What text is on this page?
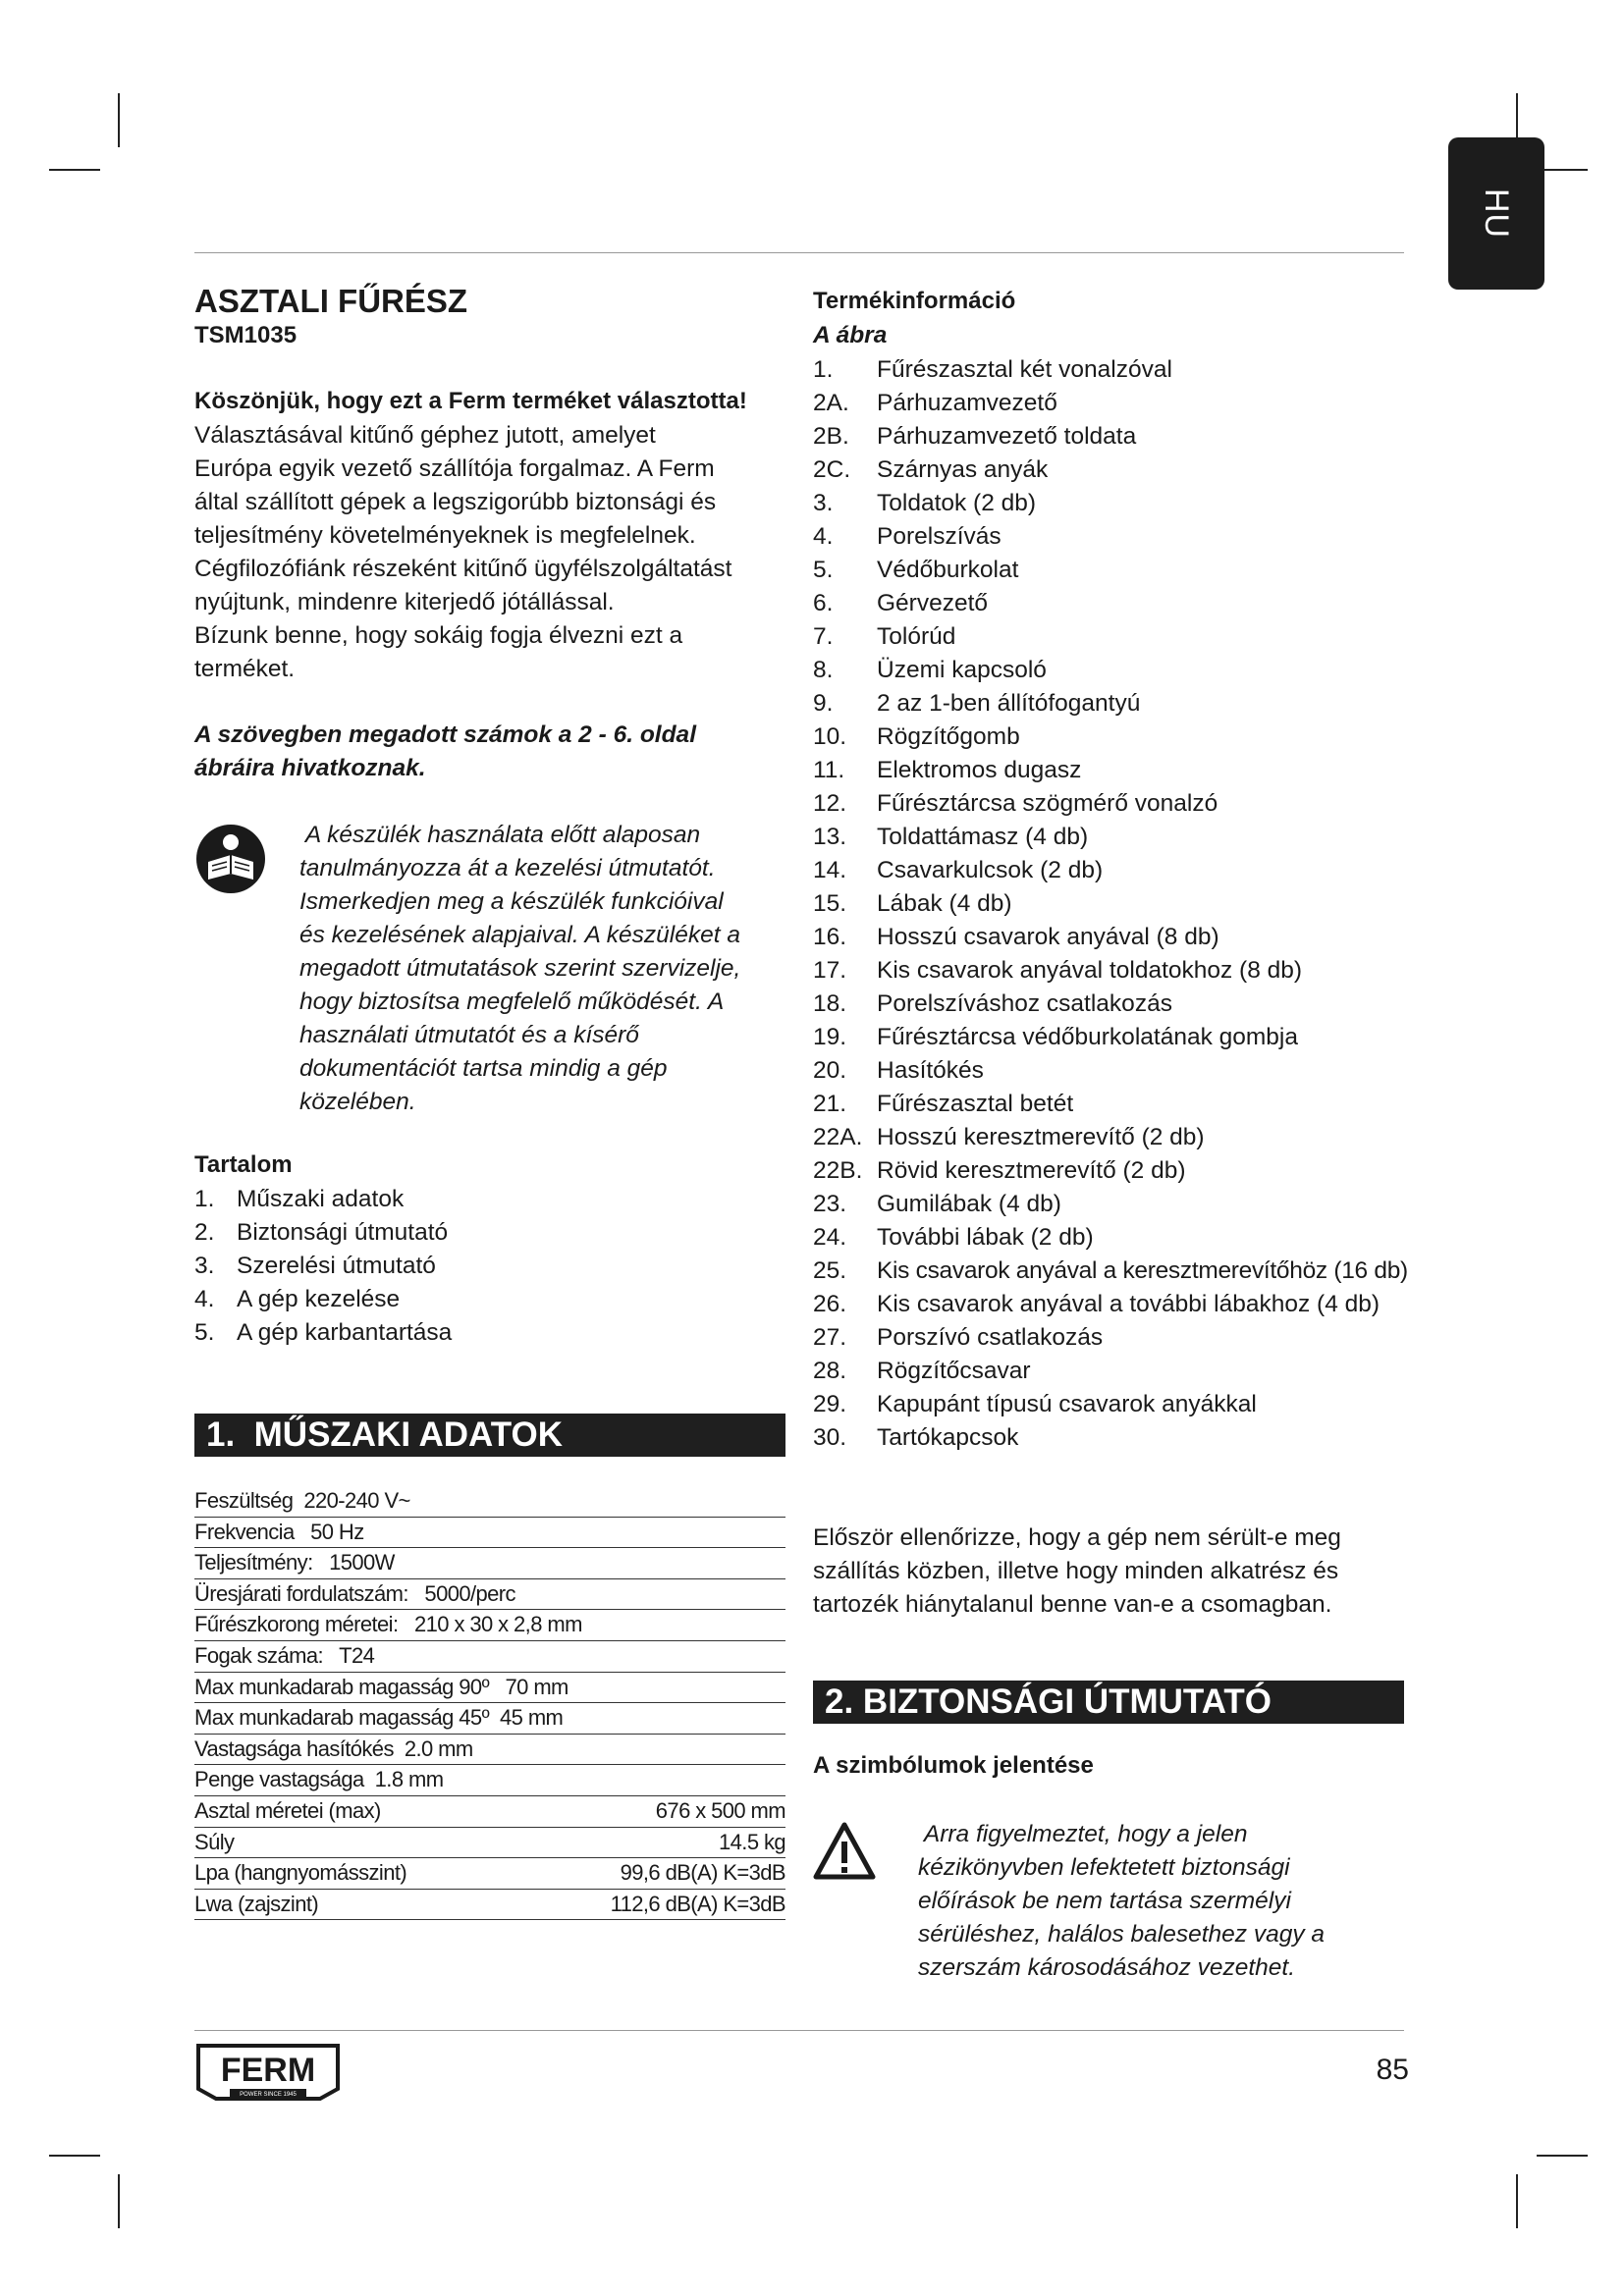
HU
ASZTALI FŰRÉSZ
TSM1035
Köszönjük, hogy ezt a Ferm terméket választotta!
Választásával kitűnő géphez jutott, amelyet
Európa egyik vezető szállítója forgalmaz. A Ferm
által szállított gépek a legszigorúbb biztonsági és
teljesítmény követelményeknek is megfelelnek.
Cégfilozófiánk részeként kitűnő ügyfélszolgáltatást
nyújtunk, mindenre kiterjedő jótállással.
Bízunk benne, hogy sokáig fogja élvezni ezt a
terméket.
A szövegben megadott számok a 2 - 6. oldal
ábráira hivatkoznak.
A készülék használata előtt alaposan
tanulmányozza át a kezelési útmutatót.
Ismerkedjen meg a készülék funkcióival
és kezelésének alapjaival. A készüléket a
megadott útmutatások szerint szervizelje,
hogy biztosítsa megfelelő működését. A
használati útmutatót és a kísérő
dokumentációt tartsa mindig a gép
közelében.
Tartalom
1. Műszaki adatok
2. Biztonsági útmutató
3. Szerelési útmutató
4. A gép kezelése
5. A gép karbantartása
1.  MŰSZAKI ADATOK
Feszültség  220-240 V~
Frekvencia   50 Hz
Teljesítmény:   1500W
Üresjárati fordulatszám:   5000/perc
Fűrészkorong méretei:   210 x 30 x 2,8 mm
Fogak száma:   T24
Max munkadarab magasság 90º   70 mm
Max munkadarab magasság 45º  45 mm
Vastagsága hasítókés  2.0 mm
Penge vastagsága  1.8 mm
Asztal méretei (max)	676 x 500 mm
Súly	14.5 kg
Lpa (hangnyomásszint)	99,6 dB(A) K=3dB
Lwa (zajszint)	112,6 dB(A) K=3dB
Termékinformáció
A ábra
1.	Fűrészasztal két vonalzóval
2A.	Párhuzamvezető
2B.	Párhuzamvezető toldata
2C.	Szárnyas anyák
3.	Toldatok (2 db)
4.	Porelszívás
5.	Védőburkolat
6.	Gérvezető
7.	Tolórúd
8.	Üzemi kapcsoló
9.	2 az 1-ben állítófogantyú
10.	Rögzítőgomb
11.	Elektromos dugasz
12.	Fűrésztárcsa szögmérő vonalzó
13.	Toldattámasz (4 db)
14.	Csavarkulcsok (2 db)
15.	Lábak (4 db)
16.	Hosszú csavarok anyával (8 db)
17.	Kis csavarok anyával toldatokhoz (8 db)
18.	Porelszíváshoz csatlakozás
19.	Fűrésztárcsa védőburkolatának gombja
20.	Hasítókés
21.	Fűrészasztal betét
22A. Hosszú keresztmerevítő (2 db)
22B. Rövid keresztmerevítő (2 db)
23.	Gumilábak (4 db)
24.	További lábak (2 db)
25.	Kis csavarok anyával a keresztmerevítőhöz (16 db)
26.	Kis csavarok anyával a további lábakhoz (4 db)
27.	Porszívó csatlakozás
28.	Rögzítőcsavar
29.	Kapupánt típusú csavarok anyákkal
30.	Tartókapcsok
Először ellenőrizze, hogy a gép nem sérült-e meg
szállítás közben, illetve hogy minden alkatrész és
tartozék hiánytalanul benne van-e a csomagban.
2. BIZTONSÁGI ÚTMUTATÓ
A szimbólumok jelentése
Arra figyelmeztet, hogy a jelen
kézikönyvben lefektetett biztonsági
előírások be nem tartása szermélyi
sérüléshez, halálos balesethez vagy a
szerszám károsodásához vezethet.
FERM
POWER SINCE 1945
85
